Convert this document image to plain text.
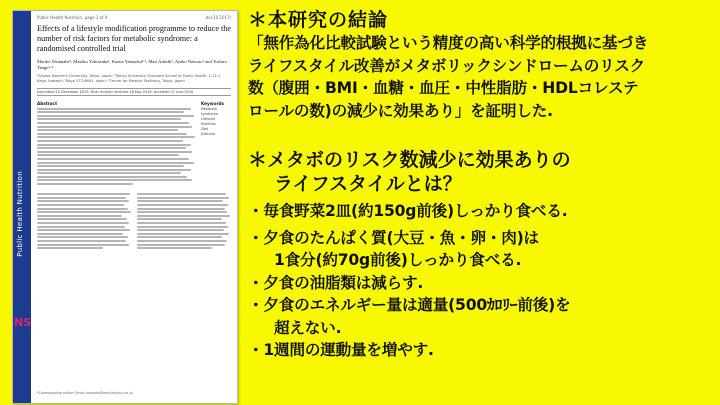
Public Health Nutrition
NS
Public Health Nutrition, page 1 of 9	doi:10.1017/
Effects of a lifestyle modification programme to reduce the number of risk factors for metabolic syndrome: a randomised controlled trial
Mariko Watanabe¹, Masako Yokotsuka¹, Kazue Yamaoka²·³, Mari Adachi¹, Ayako Nemoto¹ and Toshiro Tango³·⁴
¹Showa Women's University, Tokyo, Japan: ²Teikyo University Graduate School of Public Health, 2-11-1 Kaga, Itabashi, Tokyo 173-8605, Japan: ³Center for Medical Statistics, Tokyo, Japan
Submitted 15 December 2015: Final revision received 18 May 2016: Accepted 22 June 2016
Abstract	Keywords
Metabolic syndrome
Lifestyle
Nutrition
Diet
Exercise
*Corresponding author: Email yamaoka@med.teikyo-u.ac.jp
＊本研究の結論
「無作為化比較試験という精度の高い科学的根拠に基づき
ライフスタイル改善がメタボリックシンドロームのリスク
数（腹囲・BMI・血糖・血圧・中性脂肪・HDLコレステ
ロールの数)の減少に効果あり」を証明した.
＊メタボのリスク数減少に効果ありの
ライフスタイルとは？
・毎食野菜2皿(約150g前後)しっかり食べる.
・夕食のたんぱく質(大豆・魚・卵・肉)は
1食分(約70g前後)しっかり食べる.
・夕食の油脂類は減らす.
・夕食のエネルギー量は適量(500ｶﾛﾘｰ前後)を
超えない.
・1週間の運動量を増やす.
